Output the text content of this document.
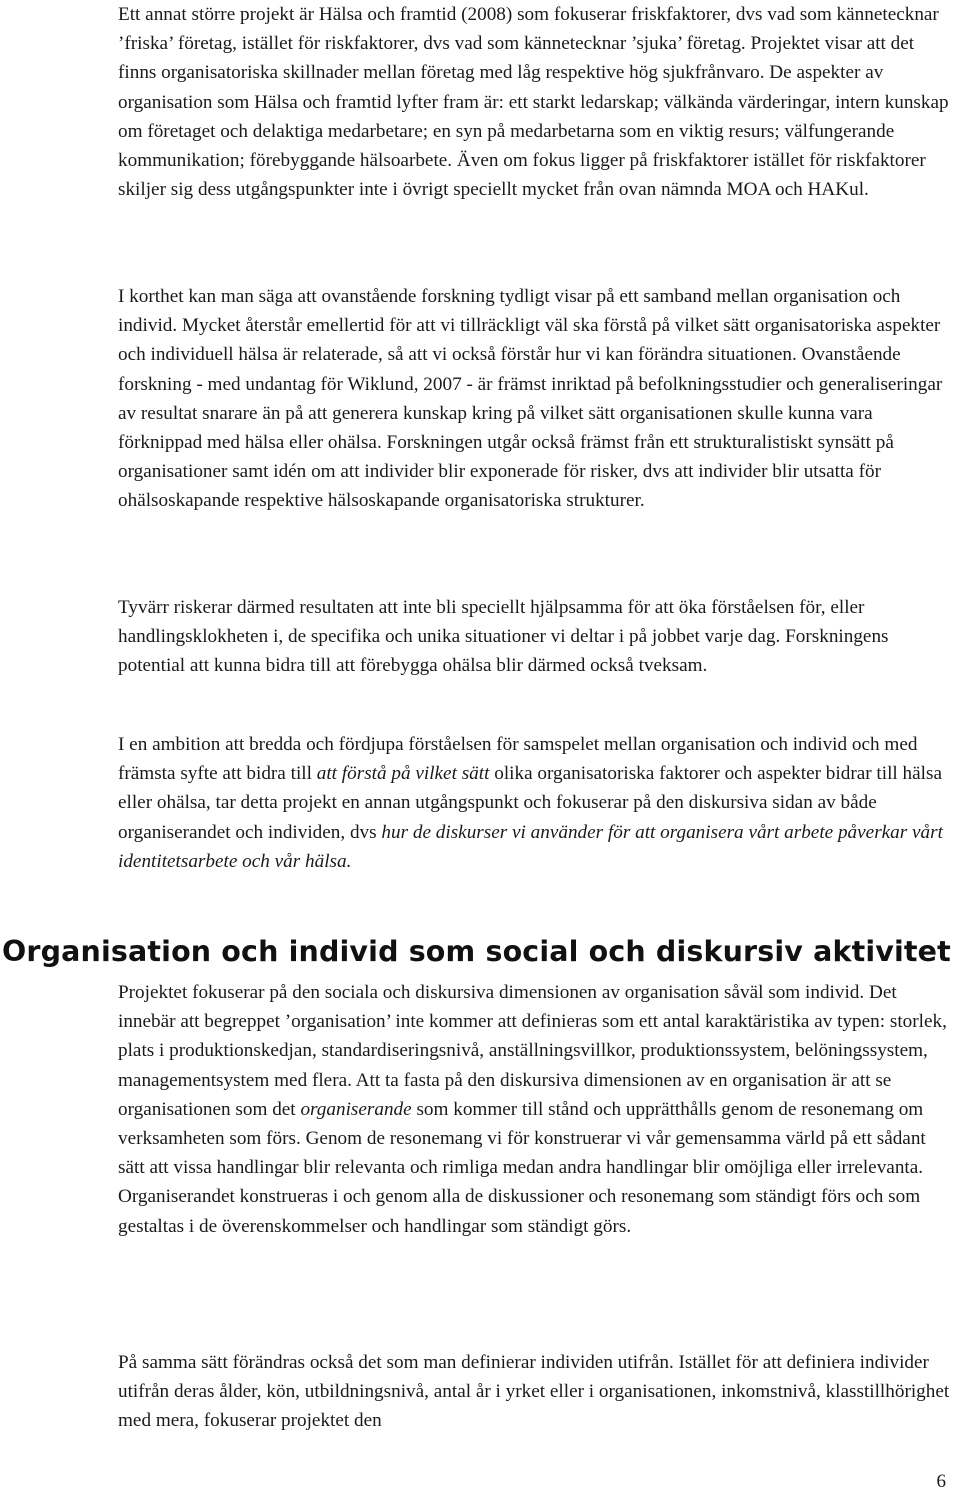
Ett annat större projekt är Hälsa och framtid (2008) som fokuserar friskfaktorer, dvs vad som kännetecknar ’friska’ företag, istället för riskfaktorer, dvs vad som kännetecknar ’sjuka’ företag. Projektet visar att det finns organisatoriska skillnader mellan företag med låg respektive hög sjukfrånvaro. De aspekter av organisation som Hälsa och framtid lyfter fram är: ett starkt ledarskap; välkända värderingar, intern kunskap om företaget och delaktiga medarbetare; en syn på medarbetarna som en viktig resurs; välfungerande kommunikation; förebyggande hälsoarbete. Även om fokus ligger på friskfaktorer istället för riskfaktorer skiljer sig dess utgångspunkter inte i övrigt speciellt mycket från ovan nämnda MOA och HAKul.

I korthet kan man säga att ovanstående forskning tydligt visar på ett samband mellan organisation och individ. Mycket återstår emellertid för att vi tillräckligt väl ska förstå på vilket sätt organisatoriska aspekter och individuell hälsa är relaterade, så att vi också förstår hur vi kan förändra situationen. Ovanstående forskning - med undantag för Wiklund, 2007 - är främst inriktad på befolkningsstudier och generaliseringar av resultat snarare än på att generera kunskap kring på vilket sätt organisationen skulle kunna vara förknippad med hälsa eller ohälsa. Forskningen utgår också främst från ett strukturalistiskt synsätt på organisationer samt idén om att individer blir exponerade för risker, dvs att individer blir utsatta för ohälsoskapande respektive hälsoskapande organisatoriska strukturer.

Tyvärr riskerar därmed resultaten att inte bli speciellt hjälpsamma för att öka förståelsen för, eller handlingsklokheten i, de specifika och unika situationer vi deltar i på jobbet varje dag. Forskningens potential att kunna bidra till att förebygga ohälsa blir därmed också tveksam.

I en ambition att bredda och fördjupa förståelsen för samspelet mellan organisation och individ och med främsta syfte att bidra till att förstå på vilket sätt olika organisatoriska faktorer och aspekter bidrar till hälsa eller ohälsa, tar detta projekt en annan utgångspunkt och fokuserar på den diskursiva sidan av både organiserandet och individen, dvs hur de diskurser vi använder för att organisera vårt arbete påverkar vårt identitetsarbete och vår hälsa.

Organisation och individ som social och diskursiv aktivitet

Projektet fokuserar på den sociala och diskursiva dimensionen av organisation såväl som individ. Det innebär att begreppet ’organisation’ inte kommer att definieras som ett antal karaktäristika av typen: storlek, plats i produktionskedjan, standardiseringsnivå, anställningsvillkor, produktionssystem, belöningssystem, managementsystem med flera. Att ta fasta på den diskursiva dimensionen av en organisation är att se organisationen som det organiserande som kommer till stånd och upprätthålls genom de resonemang om verksamheten som förs. Genom de resonemang vi för konstruerar vi vår gemensamma värld på ett sådant sätt att vissa handlingar blir relevanta och rimliga medan andra handlingar blir omöjliga eller irrelevanta. Organiserandet konstrueras i och genom alla de diskussioner och resonemang som ständigt förs och som gestaltas i de överenskommelser och handlingar som ständigt görs.

På samma sätt förändras också det som man definierar individen utifrån. Istället för att definiera individer utifrån deras ålder, kön, utbildningsnivå, antal år i yrket eller i organisationen, inkomstnivå, klasstillhörighet med mera, fokuserar projektet den

6
